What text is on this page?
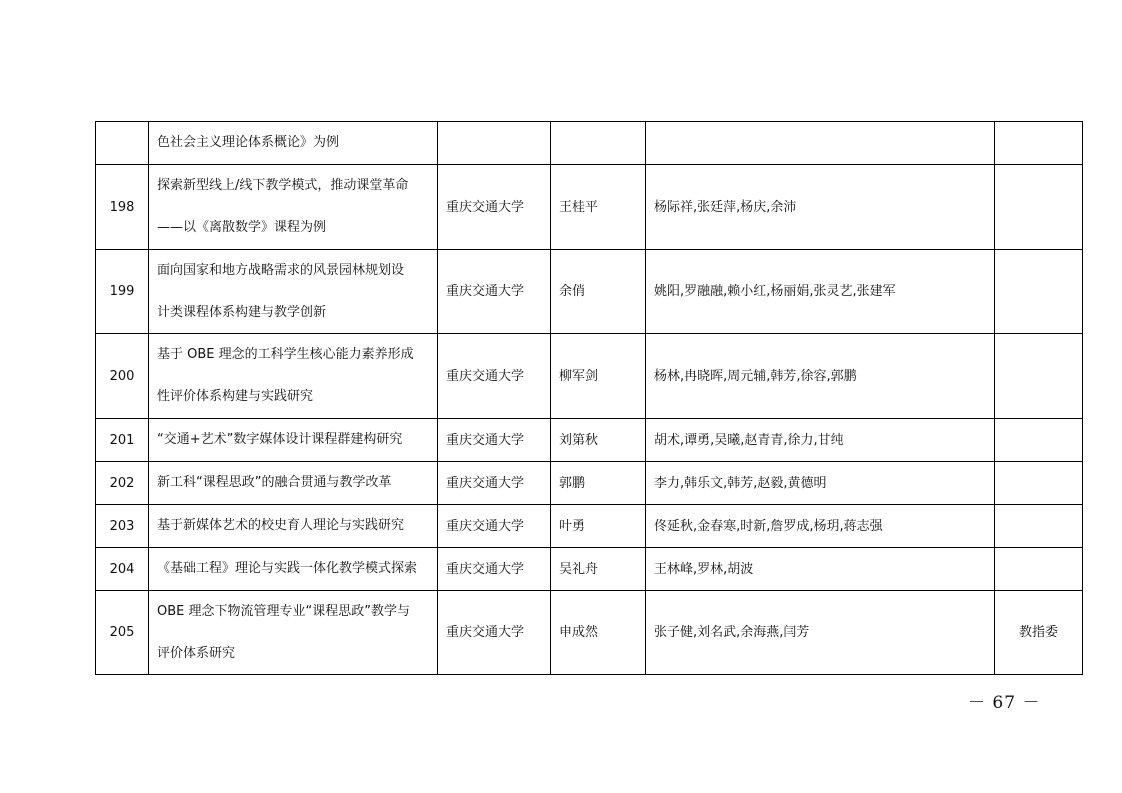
	色社会主义理论体系概论》为例				

198	探索新型线上/线下教学模式，推动课堂革命
——以《离散数学》课程为例	重庆交通大学	王桂平	杨际祥,张廷萍,杨庆,余沛	
199	面向国家和地方战略需求的风景园林规划设
计类课程体系构建与教学创新	重庆交通大学	余俏	姚阳,罗融融,赖小红,杨丽娟,张灵艺,张建军	
200	基于 OBE 理念的工科学生核心能力素养形成
性评价体系构建与实践研究	重庆交通大学	柳军剑	杨林,冉晓晖,周元辅,韩芳,徐容,郭鹏	
201	“交通+艺术”数字媒体设计课程群建构研究	重庆交通大学	刘第秋	胡术,谭勇,吴曦,赵青青,徐力,甘纯	
202	新工科“课程思政”的融合贯通与教学改革	重庆交通大学	郭鹏	李力,韩乐文,韩芳,赵毅,黄德明	
203	基于新媒体艺术的校史育人理论与实践研究	重庆交通大学	叶勇	佟延秋,金春寒,时新,詹罗成,杨玥,蒋志强	
204	《基础工程》理论与实践一体化教学模式探索	重庆交通大学	吴礼舟	王林峰,罗林,胡波	
205	OBE 理念下物流管理专业“课程思政”教学与
评价体系研究	重庆交通大学	申成然	张子健,刘名武,余海燕,闫芳	教指委
－ 67 －
